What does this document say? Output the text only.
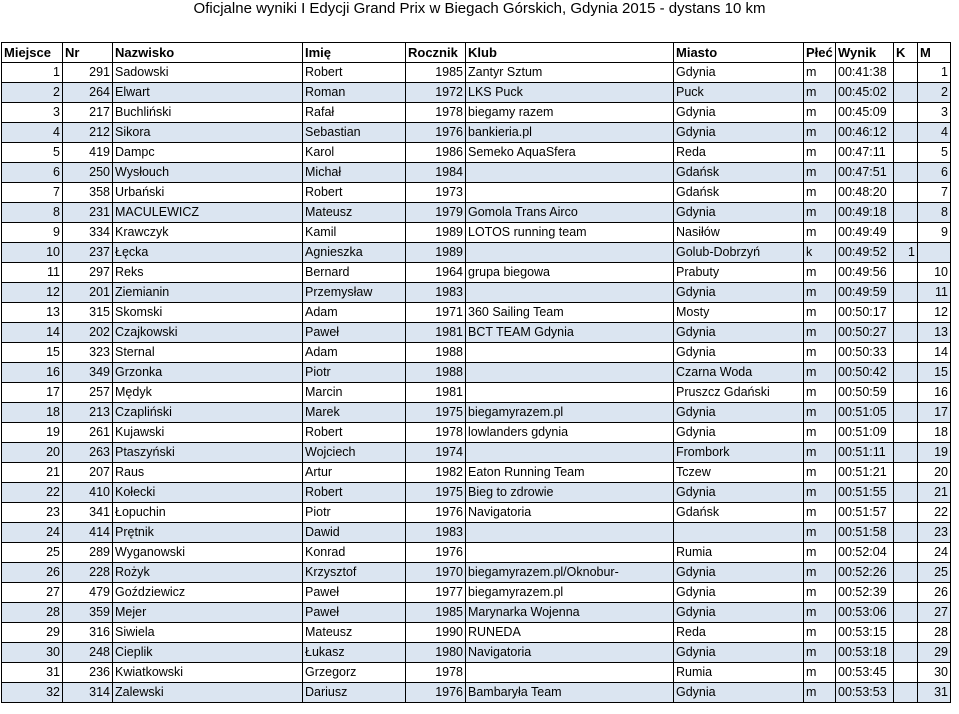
Oficjalne wyniki I Edycji Grand Prix w Biegach Górskich, Gdynia 2015 - dystans 10 km
Miejsce	Nr	Nazwisko	Imię	Rocznik	Klub	Miasto	Płeć	Wynik	K	M
1	291	Sadowski	Robert	1985	Zantyr Sztum	Gdynia	m	00:41:38		1
2	264	Elwart	Roman	1972	LKS Puck	Puck	m	00:45:02		2
3	217	Buchliński	Rafał	1978	biegamy razem	Gdynia	m	00:45:09		3
4	212	Sikora	Sebastian	1976	bankieria.pl	Gdynia	m	00:46:12		4
5	419	Dampc	Karol	1986	Semeko AquaSfera	Reda	m	00:47:11		5
6	250	Wysłouch	Michał	1984		Gdańsk	m	00:47:51		6
7	358	Urbański	Robert	1973		Gdańsk	m	00:48:20		7
8	231	MACULEWICZ	Mateusz	1979	Gomola Trans Airco	Gdynia	m	00:49:18		8
9	334	Krawczyk	Kamil	1989	LOTOS running team	Nasiłów	m	00:49:49		9
10	237	Łęcka	Agnieszka	1989		Golub-Dobrzyń	k	00:49:52	1	
11	297	Reks	Bernard	1964	grupa biegowa	Prabuty	m	00:49:56		10
12	201	Ziemianin	Przemysław	1983		Gdynia	m	00:49:59		11
13	315	Skomski	Adam	1971	360 Sailing Team	Mosty	m	00:50:17		12
14	202	Czajkowski	Paweł	1981	BCT TEAM Gdynia	Gdynia	m	00:50:27		13
15	323	Sternal	Adam	1988		Gdynia	m	00:50:33		14
16	349	Grzonka	Piotr	1988		Czarna Woda	m	00:50:42		15
17	257	Mędyk	Marcin	1981		Pruszcz Gdański	m	00:50:59		16
18	213	Czapliński	Marek	1975	biegamyrazem.pl	Gdynia	m	00:51:05		17
19	261	Kujawski	Robert	1978	lowlanders gdynia	Gdynia	m	00:51:09		18
20	263	Ptaszyński	Wojciech	1974		Frombork	m	00:51:11		19
21	207	Raus	Artur	1982	Eaton Running Team	Tczew	m	00:51:21		20
22	410	Kołecki	Robert	1975	Bieg to zdrowie	Gdynia	m	00:51:55		21
23	341	Łopuchin	Piotr	1976	Navigatoria	Gdańsk	m	00:51:57		22
24	414	Prętnik	Dawid	1983			m	00:51:58		23
25	289	Wyganowski	Konrad	1976		Rumia	m	00:52:04		24
26	228	Rożyk	Krzysztof	1970	biegamyrazem.pl/Oknobur-	Gdynia	m	00:52:26		25
27	479	Goździewicz	Paweł	1977	biegamyrazem.pl	Gdynia	m	00:52:39		26
28	359	Mejer	Paweł	1985	Marynarka Wojenna	Gdynia	m	00:53:06		27
29	316	Siwiela	Mateusz	1990	RUNEDA	Reda	m	00:53:15		28
30	248	Cieplik	Łukasz	1980	Navigatoria	Gdynia	m	00:53:18		29
31	236	Kwiatkowski	Grzegorz	1978		Rumia	m	00:53:45		30
32	314	Zalewski	Dariusz	1976	Bambaryła Team	Gdynia	m	00:53:53		31
